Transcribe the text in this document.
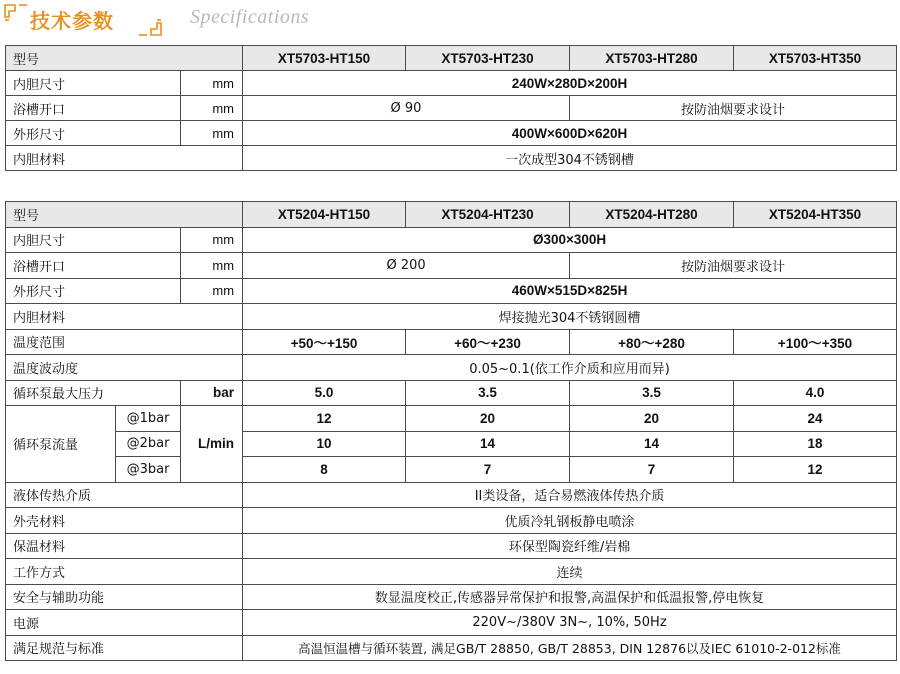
技术参数	Specifications
型号		XT5703-HT150	XT5703-HT230	XT5703-HT280	XT5703-HT350
内胆尺寸	mm	240W×280D×200H			
浴槽开口	mm	Ø 90		按防油烟要求设计	
外形尺寸	mm	400W×600D×620H			
内胆材料		一次成型304不锈钢槽			
型号			XT5204-HT150	XT5204-HT230	XT5204-HT280	XT5204-HT350
内胆尺寸		mm	Ø300×300H			
浴槽开口		mm	Ø 200		按防油烟要求设计	
外形尺寸		mm	460W×515D×825H			
内胆材料			焊接抛光304不锈钢圆槽			
温度范围			+50～+150	+60～+230	+80～+280	+100～+350
温度波动度			0.05~0.1(依工作介质和应用而异)			
循环泵最大压力		bar	5.0	3.5	3.5	4.0
循环泵流量	@1bar	L/min	12	20	20	24
	@2bar		10	14	14	18
	@3bar		8	7	7	12
液体传热介质			II类设备，适合易燃液体传热介质			
外壳材料			优质冷轧钢板静电喷涂			
保温材料			环保型陶瓷纤维/岩棉			
工作方式			连续			
安全与辅助功能			数显温度校正,传感器异常保护和报警,高温保护和低温报警,停电恢复			
电源			220V~/380V 3N~, 10%, 50Hz			
满足规范与标准			高温恒温槽与循环装置, 满足GB/T 28850, GB/T 28853, DIN 12876以及IEC 61010-2-012标准			
